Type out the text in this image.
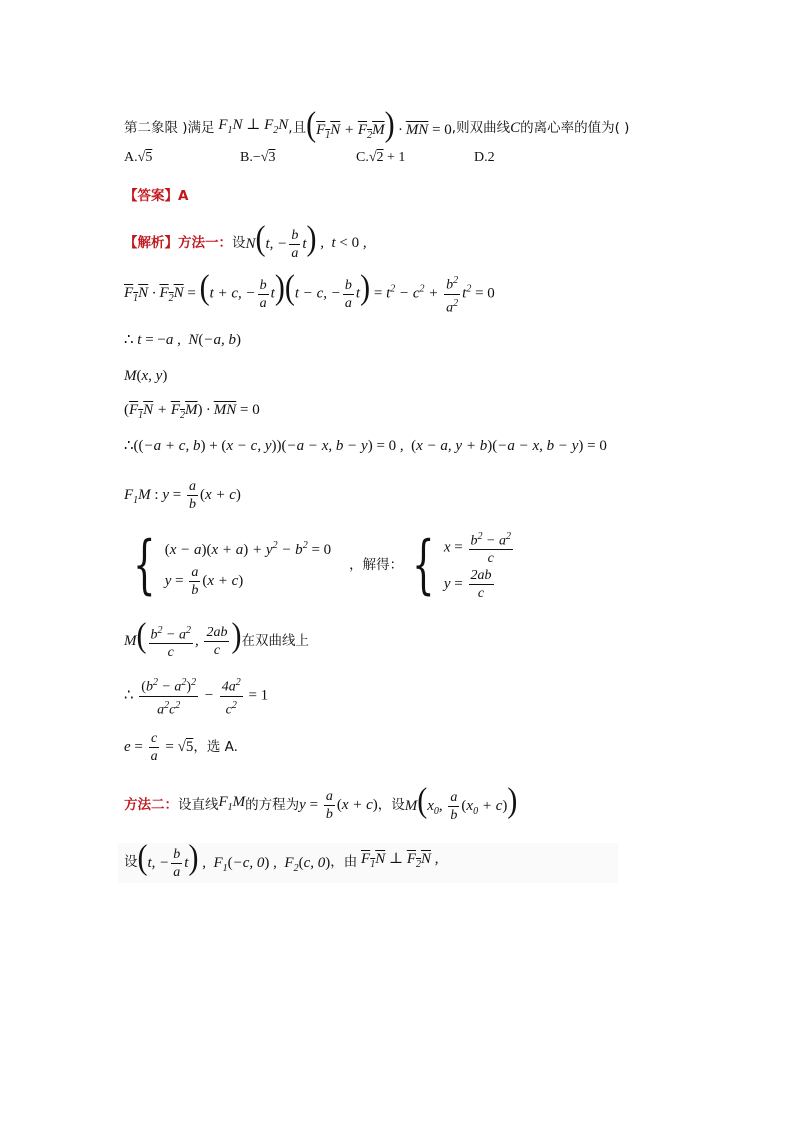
第二象限 )满足 $F_1N$ ⊥ $F_2N$ ,且 $(F_1N + F_2M) \cdot \overline{MN} = 0$ ,则双曲线 C 的离心率的值为( )
A.√5	B.−√3	C.√2 + 1	D.2
【答案】A
【解析】方法一： 设 N(t, − $\frac{b}{a} t$) ,  t < 0 ,
$F_1N \cdot F_2N = (t + c$, − $\frac{b}{a} t)(t - c$, − $\frac{b}{a} t) = t^2 - c^2 + \frac{b^2}{a^2} t^2 = 0$
∴ t = −a ,  N(−a, b)
M(x, y)
$(F_1N + F_2M) \cdot \overline{MN} = 0$
∴((−a + c, b) + (x − c, y))(−a − x, b − y) = 0 ,  (x − a, y + b)(−a − x, b − y) = 0
$F_1M$ : $y = \frac{a}{b} (x + c)$
{ $(x - a)(x + a) + y^2 - b^2 = 0$
$y = \frac{a}{b} (x + c)$
，解得： { $x = \frac{b^2 - a^2}{c}$
$y = \frac{2ab}{c}$
$M( \frac{b^2 - a^2}{c}$ , $\frac{2ab}{c}$ ) 在双曲线上
∴ $\frac{(b^2 - a^2)^2}{a^2c^2} - \frac{4a^2}{c^2} = 1$
$e = \frac{c}{a} = √5$ ，选 A.
方法二： 设直线 $F_1M$ 的方程为 $y = \frac{a}{b} (x + c)$ ，设 $M(x_0$, $\frac{a}{b} (x_0 + c)$)
设 (t, − $\frac{b}{a} t$) ,  $F_1(-c$, 0) ,  $F_2(c$, 0) ，由 $F_1N$ ⊥ $F_2N$ ,
